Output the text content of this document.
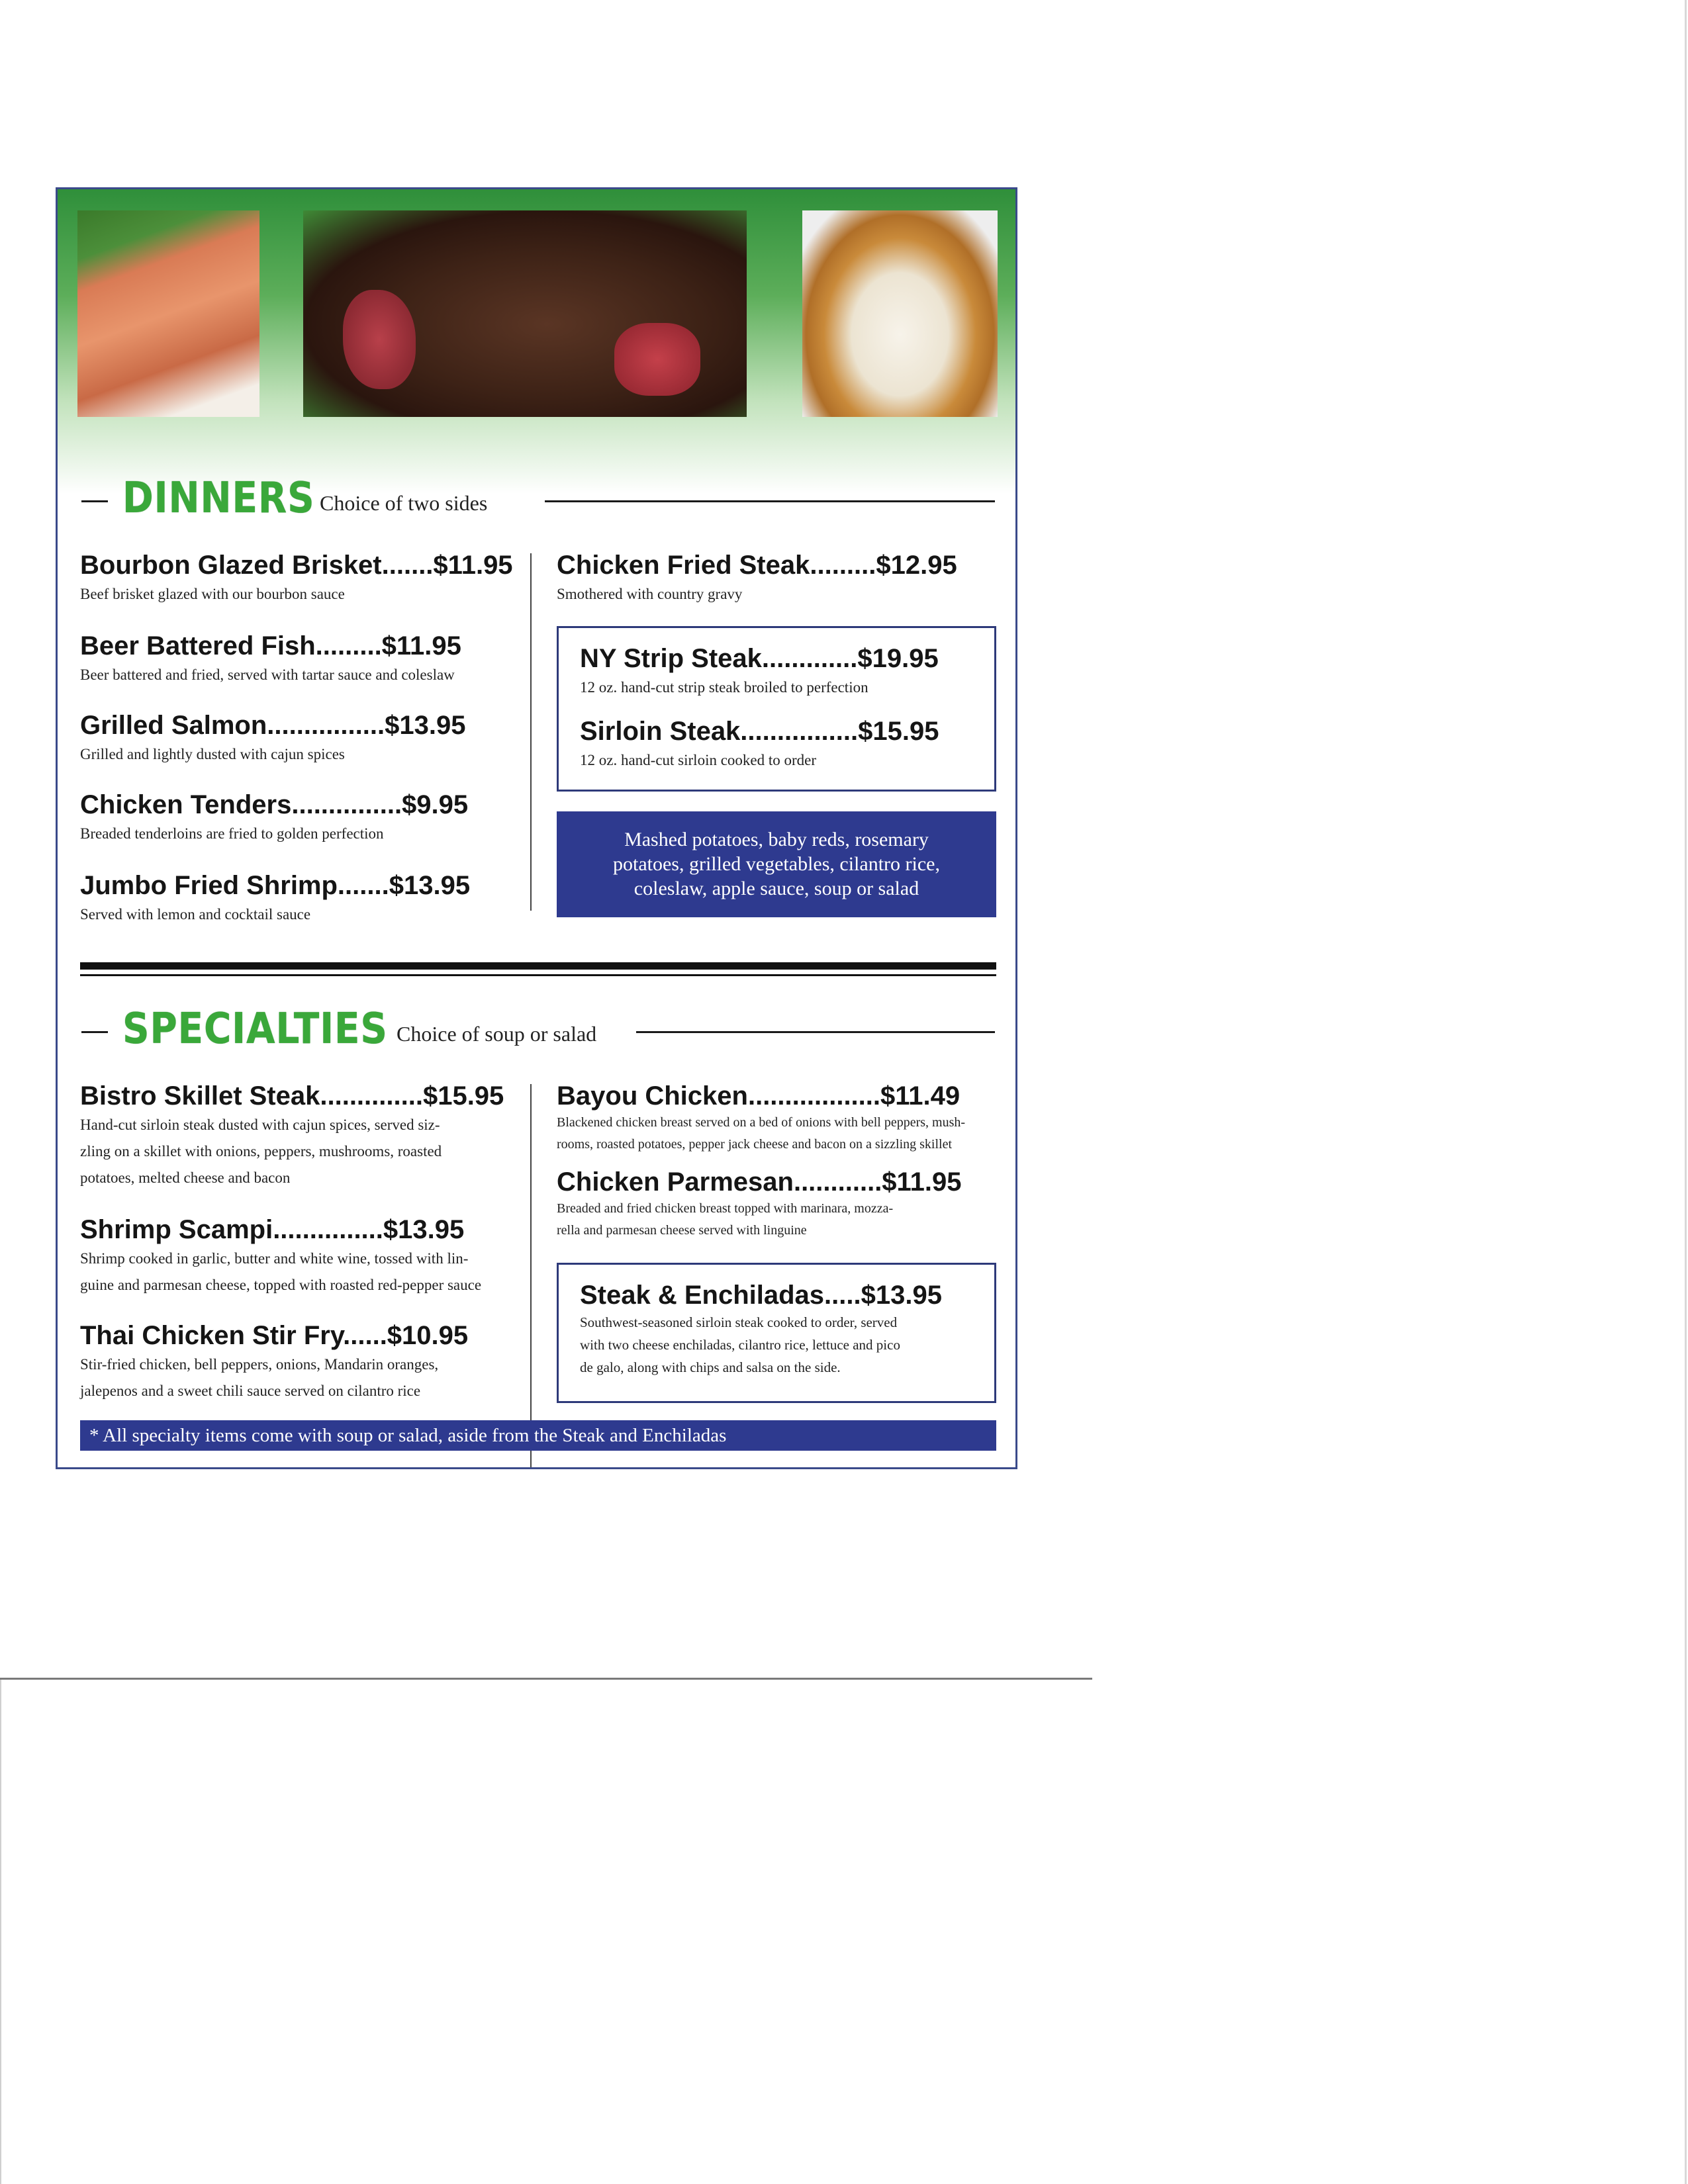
DINNERS Choice of two sides
Bourbon Glazed Brisket.......$11.95
Beef brisket glazed with our bourbon sauce
Beer Battered Fish.........$11.95
Beer battered and fried, served with tartar sauce and coleslaw
Grilled Salmon................$13.95
Grilled and lightly dusted with cajun spices
Chicken Tenders...............$9.95
Breaded tenderloins are fried to golden perfection
Jumbo Fried Shrimp.......$13.95
Served with lemon and cocktail sauce
Chicken Fried Steak.........$12.95
Smothered with country gravy
NY Strip Steak.............$19.95
12 oz. hand-cut strip steak broiled to perfection
Sirloin Steak................$15.95
12 oz. hand-cut sirloin cooked to order
Mashed potatoes, baby reds, rosemary
potatoes, grilled vegetables, cilantro rice,
coleslaw, apple sauce, soup or salad
SPECIALTIES Choice of soup or salad
Bistro Skillet Steak..............$15.95
Hand-cut sirloin steak dusted with cajun spices, served siz-
zling on a skillet with onions, peppers, mushrooms, roasted
potatoes, melted cheese and bacon
Shrimp Scampi...............$13.95
Shrimp cooked in garlic, butter and white wine, tossed with lin-
guine and parmesan cheese, topped with roasted red-pepper sauce
Thai Chicken Stir Fry......$10.95
Stir-fried chicken, bell peppers, onions, Mandarin oranges,
jalepenos and a sweet chili sauce served on cilantro rice
Bayou Chicken..................$11.49
Blackened chicken breast served on a bed of onions with bell peppers, mush-
rooms, roasted potatoes, pepper jack cheese and bacon on a sizzling skillet
Chicken Parmesan............$11.95
Breaded and fried chicken breast topped with marinara, mozza-
rella and parmesan cheese served with linguine
Steak & Enchiladas.....$13.95
Southwest-seasoned sirloin steak cooked to order, served
with two cheese enchiladas, cilantro rice, lettuce and pico
de galo, along with chips and salsa on the side.
* All specialty items come with soup or salad, aside from the Steak and Enchiladas
